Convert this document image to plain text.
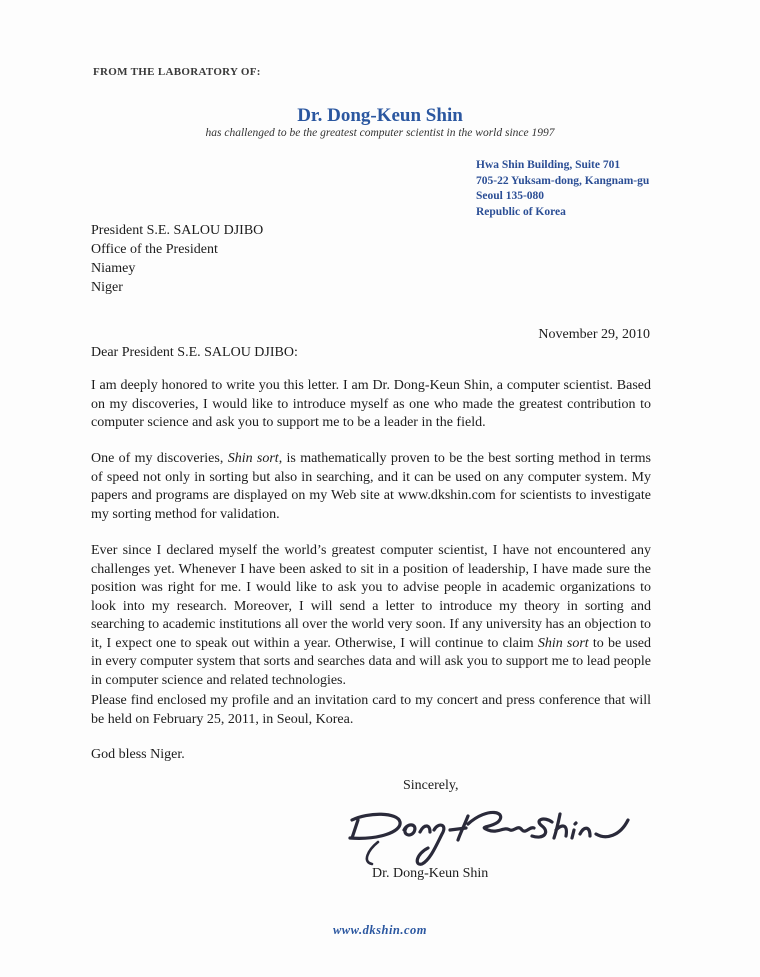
FROM THE LABORATORY OF:
Dr. Dong-Keun Shin
has challenged to be the greatest computer scientist in the world since 1997
Hwa Shin Building, Suite 701
705-22 Yuksam-dong, Kangnam-gu
Seoul 135-080
Republic of Korea
President S.E. SALOU DJIBO
Office of the President
Niamey
Niger
November 29, 2010
Dear President S.E. SALOU DJIBO:
I am deeply honored to write you this letter. I am Dr. Dong-Keun Shin, a computer scientist. Based on my discoveries, I would like to introduce myself as one who made the greatest contribution to computer science and ask you to support me to be a leader in the field.
One of my discoveries, Shin sort, is mathematically proven to be the best sorting method in terms of speed not only in sorting but also in searching, and it can be used on any computer system. My papers and programs are displayed on my Web site at www.dkshin.com for scientists to investigate my sorting method for validation.
Ever since I declared myself the world’s greatest computer scientist, I have not encountered any challenges yet. Whenever I have been asked to sit in a position of leadership, I have made sure the position was right for me. I would like to ask you to advise people in academic organizations to look into my research. Moreover, I will send a letter to introduce my theory in sorting and searching to academic institutions all over the world very soon. If any university has an objection to it, I expect one to speak out within a year. Otherwise, I will continue to claim Shin sort to be used in every computer system that sorts and searches data and will ask you to support me to lead people in computer science and related technologies.
Please find enclosed my profile and an invitation card to my concert and press conference that will be held on February 25, 2011, in Seoul, Korea.
God bless Niger.
Sincerely,
Dr. Dong-Keun Shin
www.dkshin.com
